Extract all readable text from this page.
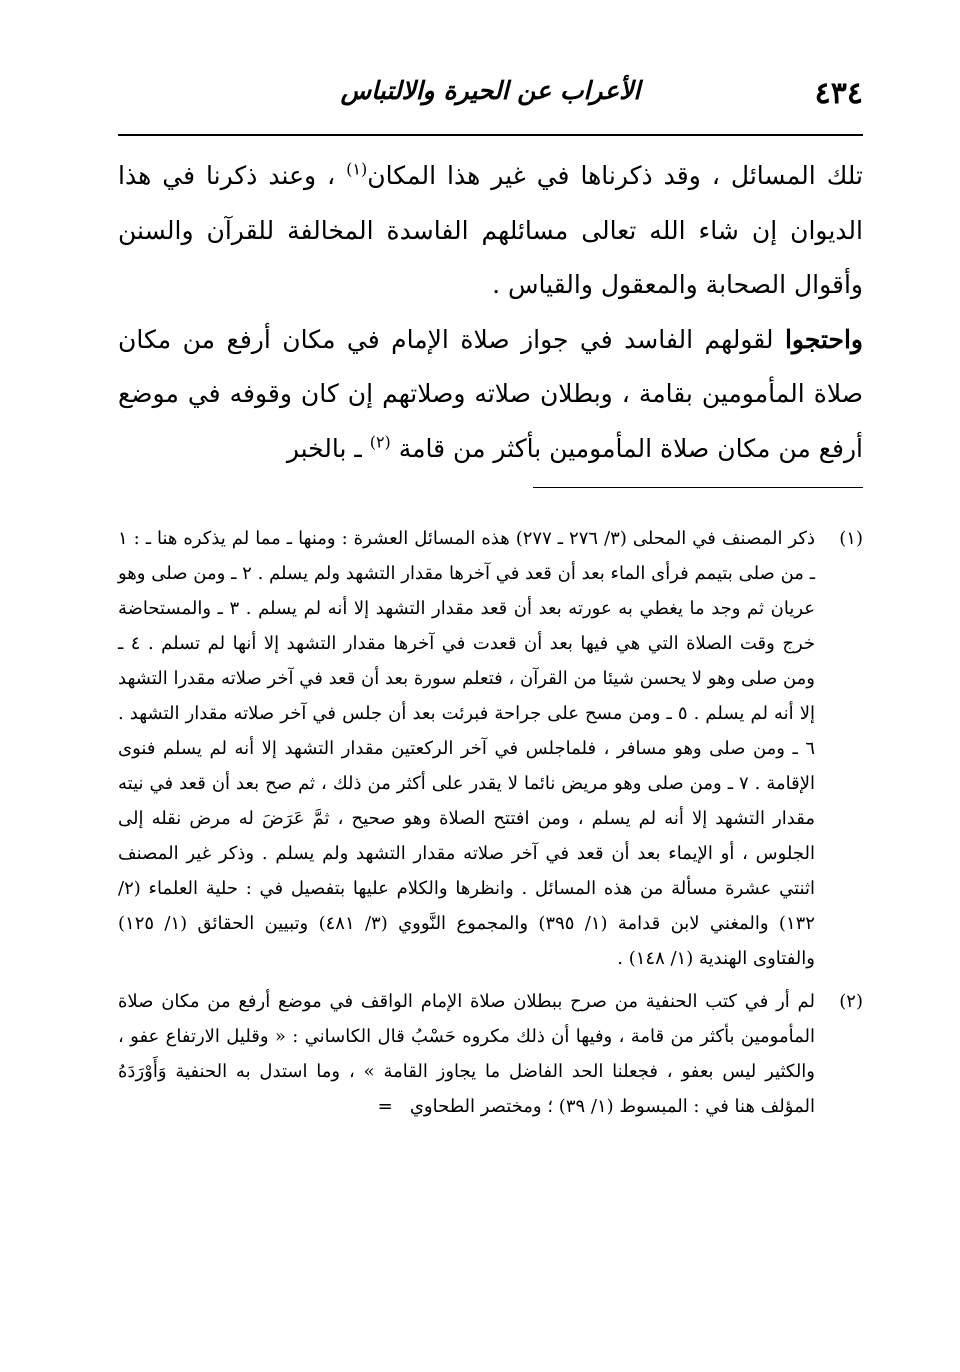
٤٣٤
الأعراب عن الحيرة والالتباس

تلك المسائل ، وقد ذكرناها في غير هذا المكان$^{(١)}$ ، وعند ذكرنا في هذا الديوان إن شاء الله تعالى مسائلهم الفاسدة المخالفة للقرآن والسنن وأقوال الصحابة والمعقول والقياس .

واحتجوا لقولهم الفاسد في جواز صلاة الإمام في مكان أرفع من مكان صلاة المأمومين بقامة ، وبطلان صلاته وصلاتهم إن كان وقوفه في موضع أرفع من مكان صلاة المأمومين بأكثر من قامة $^{(٢)}$ ـ بالخبر

(١)
ذكر المصنف في المحلى (٣/ ٢٧٦ ـ ٢٧٧) هذه المسائل العشرة : ومنها ـ مما لم يذكره هنا ـ : ١ ـ من صلى بتيمم فرأى الماء بعد أن قعد في آخرها مقدار التشهد ولم يسلم . ٢ ـ ومن صلى وهو عريان ثم وجد ما يغطي به عورته بعد أن قعد مقدار التشهد إلا أنه لم يسلم . ٣ ـ والمستحاضة خرج وقت الصلاة التي هي فيها بعد أن قعدت في آخرها مقدار التشهد إلا أنها لم تسلم . ٤ ـ ومن صلى وهو لا يحسن شيئا من القرآن ، فتعلم سورة بعد أن قعد في آخر صلاته مقدرا التشهد إلا أنه لم يسلم . ٥ ـ ومن مسح على جراحة فبرئت بعد أن جلس في آخر صلاته مقدار التشهد . ٦ ـ ومن صلى وهو مسافر ، فلماجلس في آخر الركعتين مقدار التشهد إلا أنه لم يسلم فنوى الإقامة . ٧ ـ ومن صلى وهو مريض نائما لا يقدر على أكثر من ذلك ، ثم صح بعد أن قعد في نيته مقدار التشهد إلا أنه لم يسلم ، ومن افتتح الصلاة وهو صحيح ، ثمَّ عَرَضَ له مرض نقله إلى الجلوس ، أو الإيماء بعد أن قعد في آخر صلاته مقدار التشهد ولم يسلم . وذكر غير المصنف اثنتي عشرة مسألة من هذه المسائل . وانظرها والكلام عليها بتفصيل في : حلية العلماء (٢/ ١٣٢) والمغني لابن قدامة (١/ ٣٩٥) والمجموع النَّووي (٣/ ٤٨١) وتبيين الحقائق (١/ ١٢٥) والفتاوى الهندية (١/ ١٤٨) .
(٢)
لم أر في كتب الحنفية من صرح ببطلان صلاة الإمام الواقف في موضع أرفع من مكان صلاة المأمومين بأكثر من قامة ، وفيها أن ذلك مكروه حَسْبُ قال الكاساني : « وقليل الارتفاع عفو ، والكثير ليس بعفو ، فجعلنا الحد الفاضل ما يجاوز القامة » ، وما استدل به الحنفية وَأَوْرَدَهُ المؤلف هنا في : المبسوط (١/ ٣٩) ؛ ومختصر الطحاوي   =
